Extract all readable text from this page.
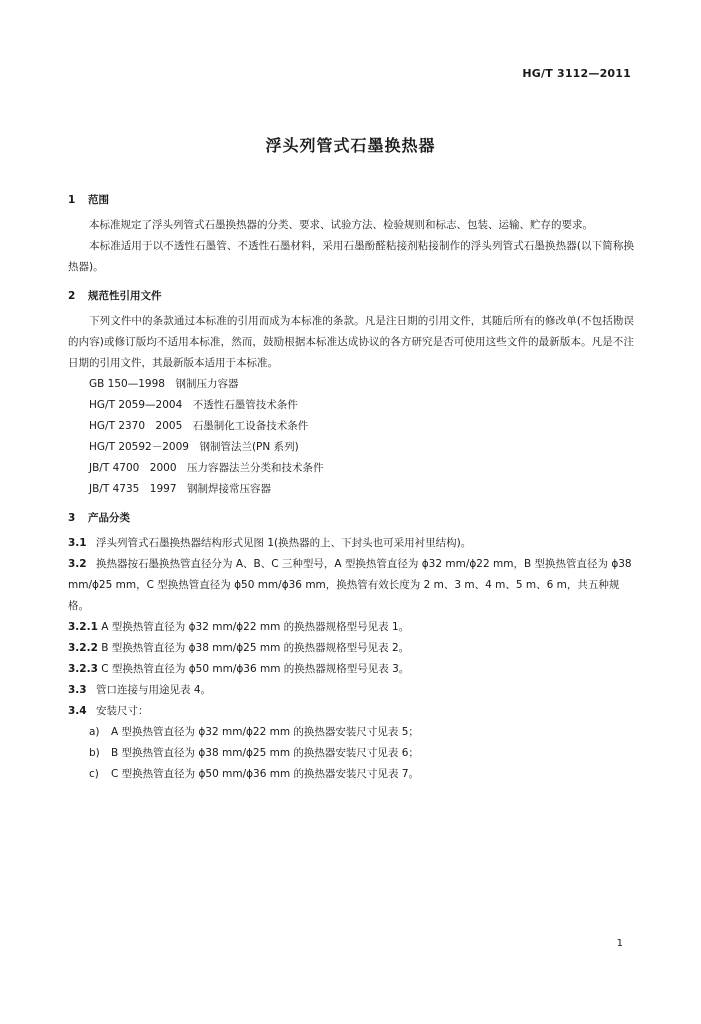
HG/T 3112—2011
浮头列管式石墨换热器

1 范围

本标准规定了浮头列管式石墨换热器的分类、要求、试验方法、检验规则和标志、包装、运输、贮存的要求。

本标准适用于以不透性石墨管、不透性石墨材料，采用石墨酚醛粘接剂粘接制作的浮头列管式石墨换热器(以下简称换热器)。

2 规范性引用文件

下列文件中的条款通过本标准的引用而成为本标准的条款。凡是注日期的引用文件，其随后所有的修改单(不包括勘误的内容)或修订版均不适用本标准，然而，鼓励根据本标准达成协议的各方研究是否可使用这些文件的最新版本。凡是不注日期的引用文件，其最新版本适用于本标准。

GB 150—1998　钢制压力容器

HG/T 2059—2004　不透性石墨管技术条件

HG/T 2370　2005　石墨制化工设备技术条件

HG/T 20592－2009　钢制管法兰(PN 系列)

JB/T 4700　2000　压力容器法兰分类和技术条件

JB/T 4735　1997　钢制焊接常压容器

3 产品分类

3.1 浮头列管式石墨换热器结构形式见图 1(换热器的上、下封头也可采用衬里结构)。

3.2 换热器按石墨换热管直径分为 A、B、C 三种型号，A 型换热管直径为 ϕ32 mm/ϕ22 mm，B 型换热管直径为 ϕ38 mm/ϕ25 mm，C 型换热管直径为 ϕ50 mm/ϕ36 mm，换热管有效长度为 2 m、3 m、4 m、5 m、6 m，共五种规格。

3.2.1 A 型换热管直径为 ϕ32 mm/ϕ22 mm 的换热器规格型号见表 1。

3.2.2 B 型换热管直径为 ϕ38 mm/ϕ25 mm 的换热器规格型号见表 2。

3.2.3 C 型换热管直径为 ϕ50 mm/ϕ36 mm 的换热器规格型号见表 3。

3.3 管口连接与用途见表 4。

3.4 安装尺寸：

a) A 型换热管直径为 ϕ32 mm/ϕ22 mm 的换热器安装尺寸见表 5；

b) B 型换热管直径为 ϕ38 mm/ϕ25 mm 的换热器安装尺寸见表 6；

c) C 型换热管直径为 ϕ50 mm/ϕ36 mm 的换热器安装尺寸见表 7。

1
